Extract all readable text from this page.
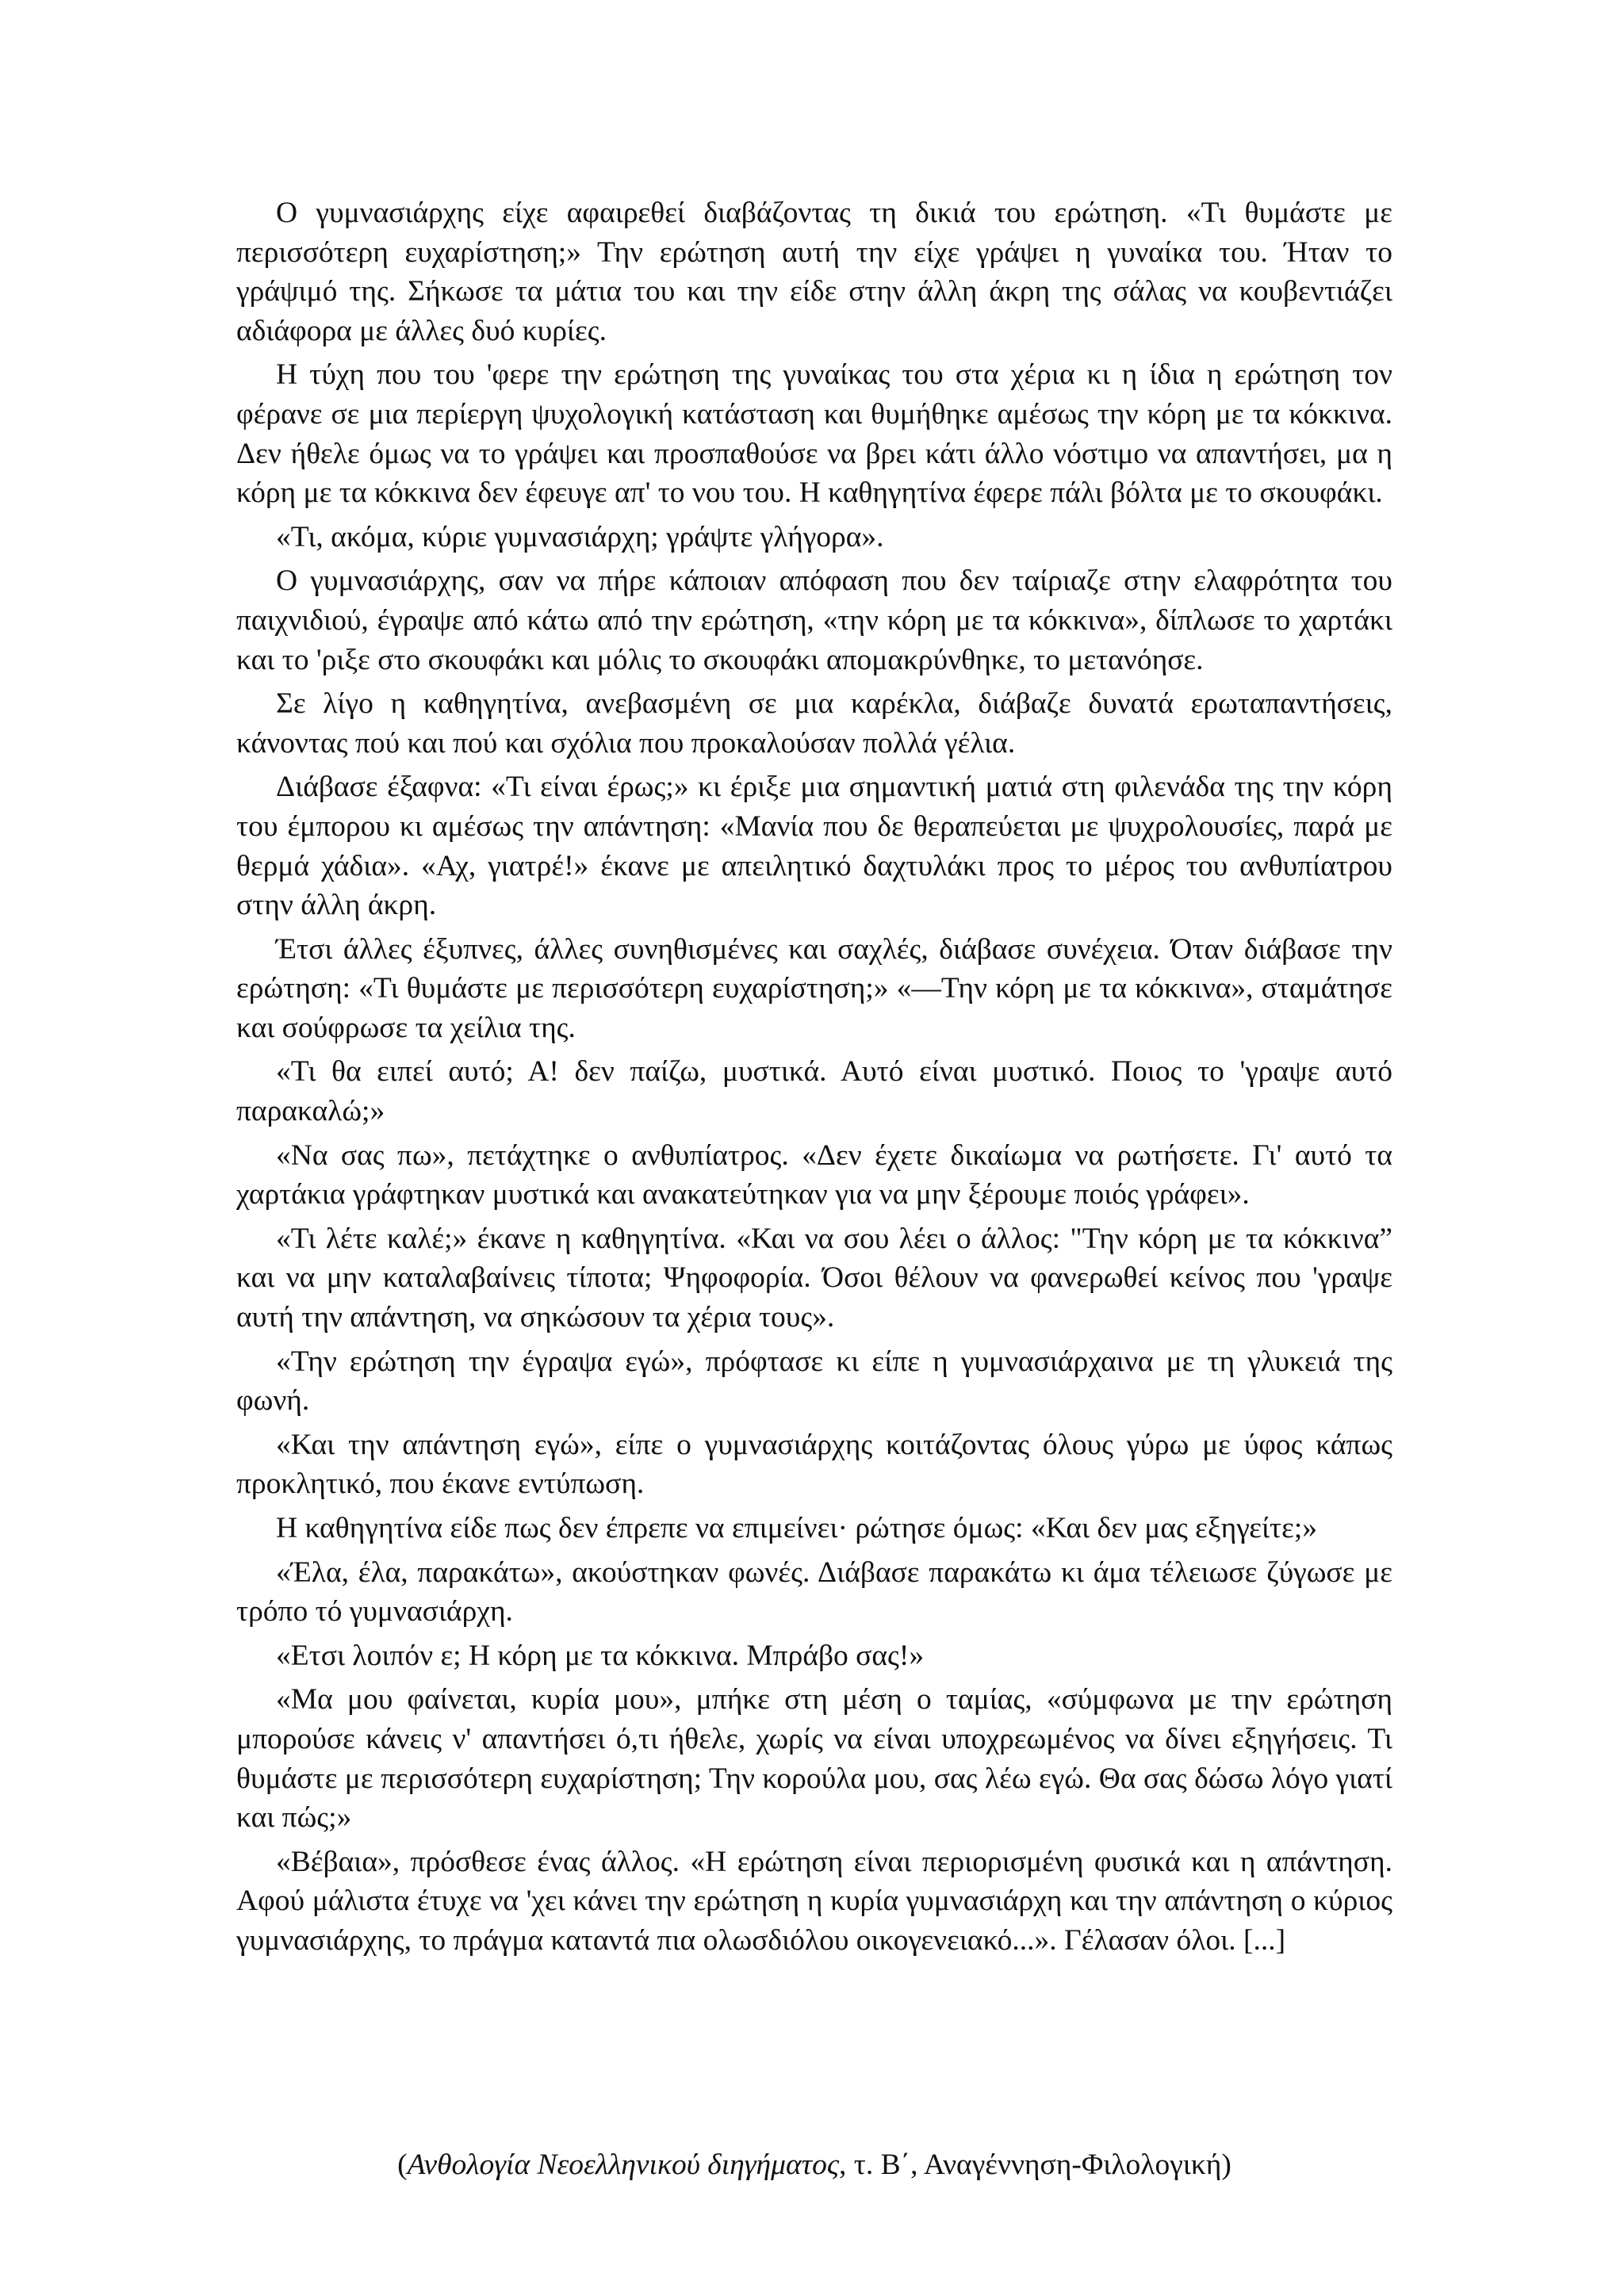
Ο γυμνασιάρχης είχε αφαιρεθεί διαβάζοντας τη δικιά του ερώτηση. «Τι θυμάστε με περισσότερη ευχαρίστηση;» Την ερώτηση αυτή την είχε γράψει η γυναίκα του. Ήταν το γράψιμό της. Σήκωσε τα μάτια του και την είδε στην άλλη άκρη της σάλας να κουβεντιάζει αδιάφορα με άλλες δυό κυρίες.

Η τύχη που του 'φερε την ερώτηση της γυναίκας του στα χέρια κι η ίδια η ερώτηση τον φέρανε σε μια περίεργη ψυχολογική κατάσταση και θυμήθηκε αμέσως την κόρη με τα κόκκινα. Δεν ήθελε όμως να το γράψει και προσπαθούσε να βρει κάτι άλλο νόστιμο να απαντήσει, μα η κόρη με τα κόκκινα δεν έφευγε απ' το νου του. Η καθηγητίνα έφερε πάλι βόλτα με το σκουφάκι.

«Τι, ακόμα, κύριε γυμνασιάρχη; γράψτε γλήγορα».

Ο γυμνασιάρχης, σαν να πήρε κάποιαν απόφαση που δεν ταίριαζε στην ελαφρότητα του παιχνιδιού, έγραψε από κάτω από την ερώτηση, «την κόρη με τα κόκκινα», δίπλωσε το χαρτάκι και το 'ριξε στο σκουφάκι και μόλις το σκουφάκι απομακρύνθηκε, το μετανόησε.

Σε λίγο η καθηγητίνα, ανεβασμένη σε μια καρέκλα, διάβαζε δυνατά ερωταπαντήσεις, κάνοντας πού και πού και σχόλια που προκαλούσαν πολλά γέλια.

Διάβασε έξαφνα: «Τι είναι έρως;» κι έριξε μια σημαντική ματιά στη φιλενάδα της την κόρη του έμπορου κι αμέσως την απάντηση: «Μανία που δε θεραπεύεται με ψυχρολουσίες, παρά με θερμά χάδια». «Αχ, γιατρέ!» έκανε με απειλητικό δαχτυλάκι προς το μέρος του ανθυπίατρου στην άλλη άκρη.

Έτσι άλλες έξυπνες, άλλες συνηθισμένες και σαχλές, διάβασε συνέχεια. Όταν διάβασε την ερώτηση: «Τι θυμάστε με περισσότερη ευχαρίστηση;» «—Την κόρη με τα κόκκινα», σταμάτησε και σούφρωσε τα χείλια της.

«Τι θα ειπεί αυτό; Α! δεν παίζω, μυστικά. Αυτό είναι μυστικό. Ποιος το 'γραψε αυτό παρακαλώ;»

«Να σας πω», πετάχτηκε ο ανθυπίατρος. «Δεν έχετε δικαίωμα να ρωτήσετε. Γι' αυτό τα χαρτάκια γράφτηκαν μυστικά και ανακατεύτηκαν για να μην ξέρουμε ποιός γράφει».

«Τι λέτε καλέ;» έκανε η καθηγητίνα. «Και να σου λέει ο άλλος: "Την κόρη με τα κόκκινα” και να μην καταλαβαίνεις τίποτα; Ψηφοφορία. Όσοι θέλουν να φανερωθεί κείνος που 'γραψε αυτή την απάντηση, να σηκώσουν τα χέρια τους».

«Την ερώτηση την έγραψα εγώ», πρόφτασε κι είπε η γυμνασιάρχαινα με τη γλυκειά της φωνή.

«Και την απάντηση εγώ», είπε ο γυμνασιάρχης κοιτάζοντας όλους γύρω με ύφος κάπως προκλητικό, που έκανε εντύπωση.

Η καθηγητίνα είδε πως δεν έπρεπε να επιμείνει· ρώτησε όμως: «Και δεν μας εξηγείτε;»

«Έλα, έλα, παρακάτω», ακούστηκαν φωνές. Διάβασε παρακάτω κι άμα τέλειωσε ζύγωσε με τρόπο τό γυμνασιάρχη.

«Ετσι λοιπόν ε; Η κόρη με τα κόκκινα. Μπράβο σας!»

«Μα μου φαίνεται, κυρία μου», μπήκε στη μέση ο ταμίας, «σύμφωνα με την ερώτηση μπορούσε κάνεις ν' απαντήσει ό,τι ήθελε, χωρίς να είναι υποχρεωμένος να δίνει εξηγήσεις. Τι θυμάστε με περισσότερη ευχαρίστηση; Την κορούλα μου, σας λέω εγώ. Θα σας δώσω λόγο γιατί και πώς;»

«Βέβαια», πρόσθεσε ένας άλλος. «Η ερώτηση είναι περιορισμένη φυσικά και η απάντηση. Αφού μάλιστα έτυχε να 'χει κάνει την ερώτηση η κυρία γυμνασιάρχη και την απάντηση ο κύριος γυμνασιάρχης, το πράγμα καταντά πια ολωσδιόλου οικογενειακό...». Γέλασαν όλοι. [...]

(Ανθολογία Νεοελληνικού διηγήματος, τ. Β΄, Αναγέννηση-Φιλολογική)
